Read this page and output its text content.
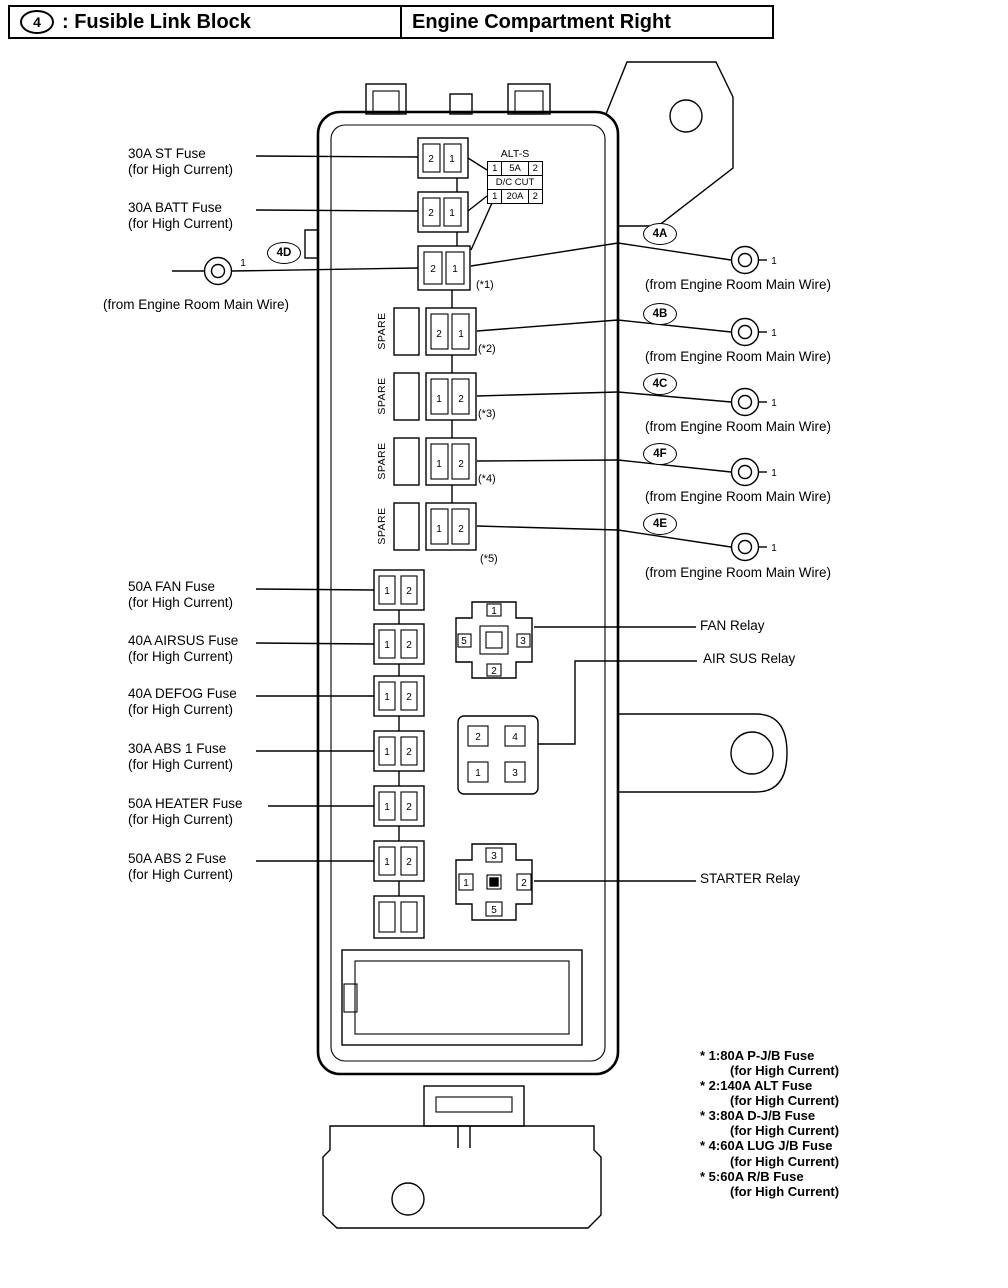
2 1
2 1
2 1
2 1
SPARE
1 2
SPARE
1 2
SPARE
1 2
SPARE
1 2
1 2
1 2
1 2
1 2
1 2
1
5	3
2
2	4
1	3
3
1	2
5
1	1
1
1
1
1
4	: Fusible Link Block	Engine Compartment Right
30A ST Fuse
(for High Current)
30A BATT Fuse
(for High Current)
50A FAN Fuse
(for High Current)
40A AIRSUS Fuse
(for High Current)
40A DEFOG Fuse
(for High Current)
30A ABS 1 Fuse
(for High Current)
50A HEATER Fuse
(for High Current)
50A ABS 2 Fuse
(for High Current)
4D
(from Engine Room Main Wire)
4A
(from Engine Room Main Wire)
4B
(from Engine Room Main Wire)
4C
(from Engine Room Main Wire)
4F
(from Engine Room Main Wire)
4E
(from Engine Room Main Wire)
ALT-S
1	5A	2
D/C CUT
1 20A 2
(*1)
(*2)
(*3)
(*4)
(*5)
FAN Relay
AIR SUS Relay
STARTER Relay
* 1:80A P-J/B Fuse
(for High Current)
* 2:140A ALT Fuse
(for High Current)
* 3:80A D-J/B Fuse
(for High Current)
* 4:60A LUG J/B Fuse
(for High Current)
* 5:60A R/B Fuse
(for High Current)
